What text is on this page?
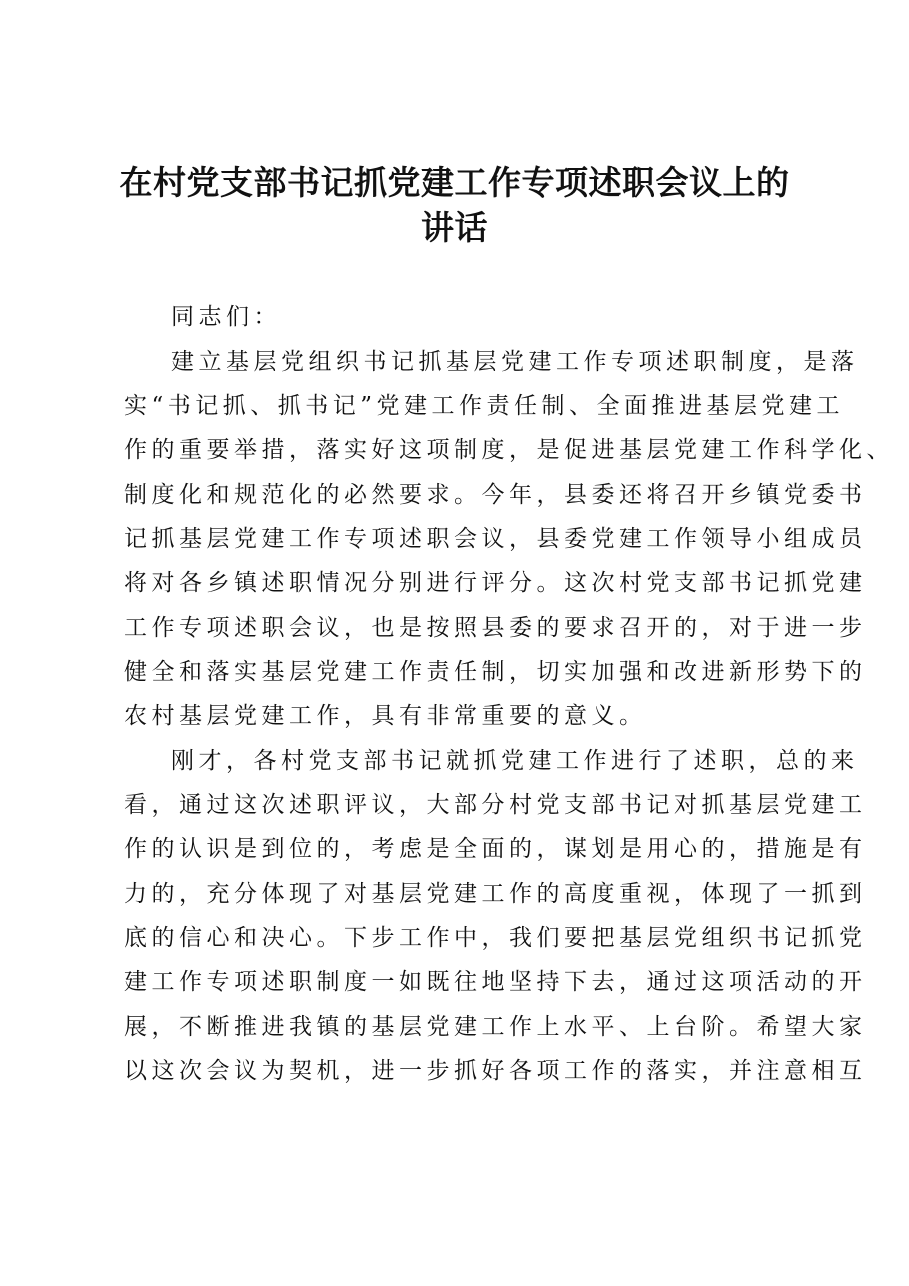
在村党支部书记抓党建工作专项述职会议上的
讲话
同志们：
建立基层党组织书记抓基层党建工作专项述职制度，是落
实“书记抓、抓书记”党建工作责任制、全面推进基层党建工
作的重要举措，落实好这项制度，是促进基层党建工作科学化、
制度化和规范化的必然要求。今年，县委还将召开乡镇党委书
记抓基层党建工作专项述职会议，县委党建工作领导小组成员
将对各乡镇述职情况分别进行评分。这次村党支部书记抓党建
工作专项述职会议，也是按照县委的要求召开的，对于进一步
健全和落实基层党建工作责任制，切实加强和改进新形势下的
农村基层党建工作，具有非常重要的意义。
刚才，各村党支部书记就抓党建工作进行了述职，总的来
看，通过这次述职评议，大部分村党支部书记对抓基层党建工
作的认识是到位的，考虑是全面的，谋划是用心的，措施是有
力的，充分体现了对基层党建工作的高度重视，体现了一抓到
底的信心和决心。下步工作中，我们要把基层党组织书记抓党
建工作专项述职制度一如既往地坚持下去，通过这项活动的开
展，不断推进我镇的基层党建工作上水平、上台阶。希望大家
以这次会议为契机，进一步抓好各项工作的落实，并注意相互
